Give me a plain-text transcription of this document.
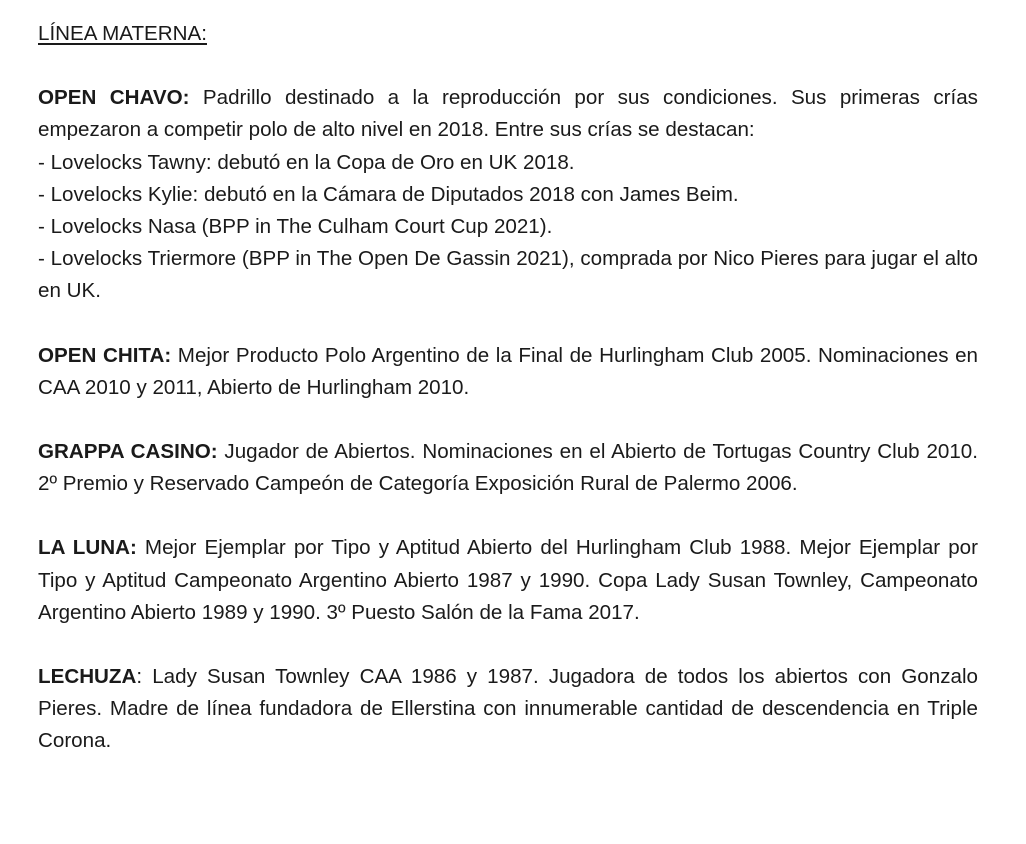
LÍNEA MATERNA:

OPEN CHAVO: Padrillo destinado a la reproducción por sus condiciones. Sus primeras crías empezaron a competir polo de alto nivel en 2018. Entre sus crías se destacan:

- Lovelocks Tawny: debutó en la Copa de Oro en UK 2018.
- Lovelocks Kylie: debutó en la Cámara de Diputados 2018 con James Beim.
- Lovelocks Nasa (BPP in The Culham Court Cup 2021).

- Lovelocks Triermore (BPP in The Open De Gassin 2021), comprada por Nico Pieres para jugar el alto en UK.

OPEN CHITA: Mejor Producto Polo Argentino de la Final de Hurlingham Club 2005. Nominaciones en CAA 2010 y 2011, Abierto de Hurlingham 2010.

GRAPPA CASINO: Jugador de Abiertos. Nominaciones en el Abierto de Tortugas Country Club 2010. 2º Premio y Reservado Campeón de Categoría Exposición Rural de Palermo 2006.

LA LUNA: Mejor Ejemplar por Tipo y Aptitud Abierto del Hurlingham Club 1988. Mejor Ejemplar por Tipo y Aptitud Campeonato Argentino Abierto 1987 y 1990. Copa Lady Susan Townley, Campeonato Argentino Abierto 1989 y 1990. 3º Puesto Salón de la Fama 2017.

LECHUZA: Lady Susan Townley CAA 1986 y 1987. Jugadora de todos los abiertos con Gonzalo Pieres. Madre de línea fundadora de Ellerstina con innumerable cantidad de descendencia en Triple Corona.
